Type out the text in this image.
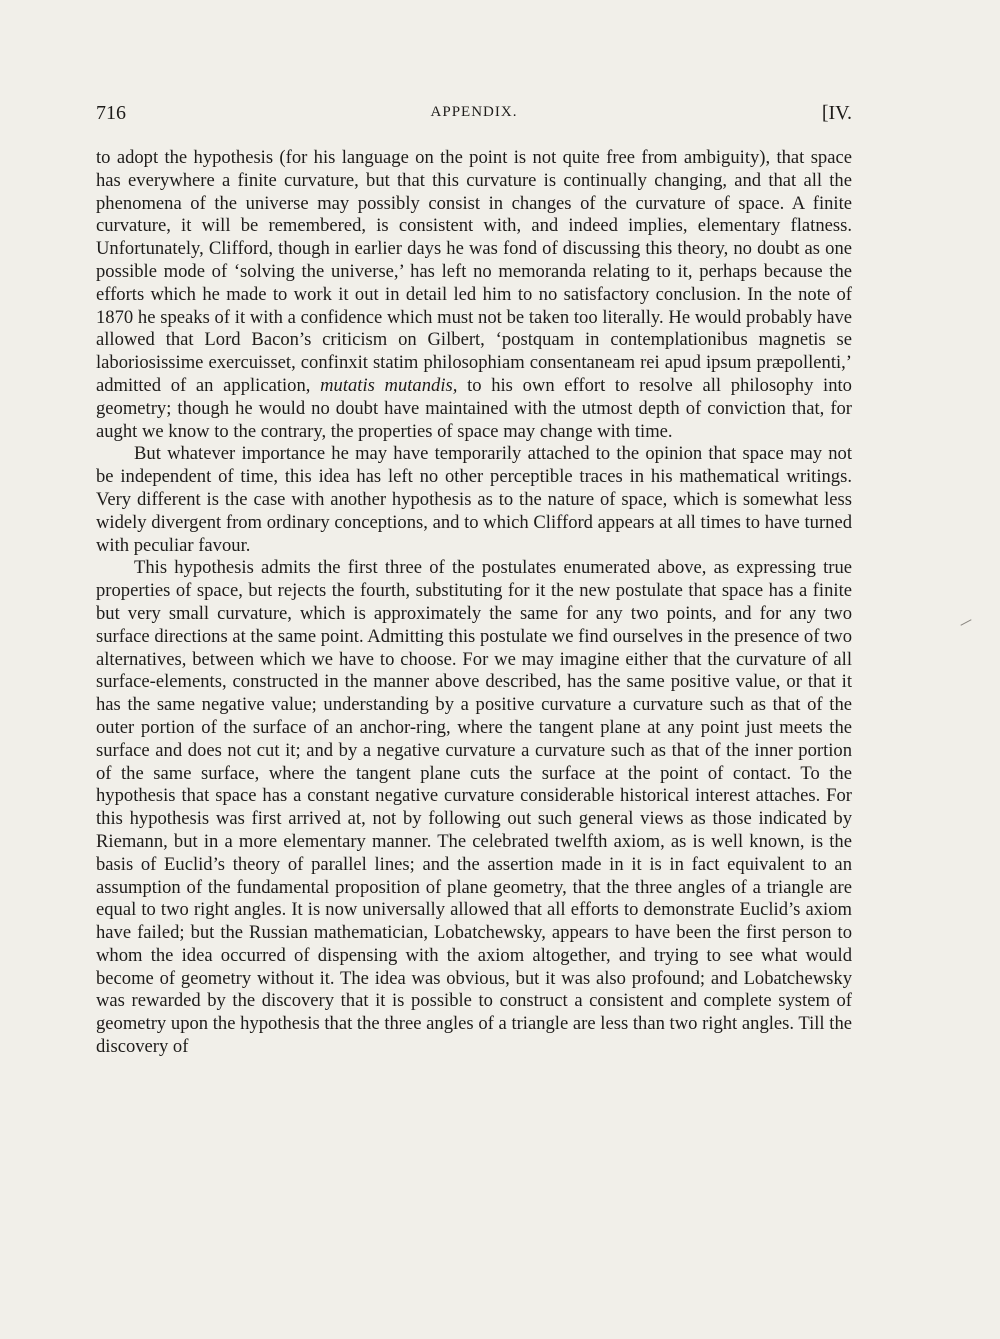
716	APPENDIX.	[IV.

to adopt the hypothesis (for his language on the point is not quite free from ambiguity), that space has everywhere a finite curvature, but that this curvature is continually changing, and that all the phenomena of the universe may possibly consist in changes of the curvature of space. A finite curvature, it will be remembered, is consistent with, and indeed implies, elementary flatness. Unfortunately, Clifford, though in earlier days he was fond of discussing this theory, no doubt as one possible mode of ‘solving the universe,’ has left no memoranda relating to it, perhaps because the efforts which he made to work it out in detail led him to no satisfactory conclusion. In the note of 1870 he speaks of it with a confidence which must not be taken too literally. He would probably have allowed that Lord Bacon’s criticism on Gilbert, ‘postquam in contemplationibus magnetis se laboriosissime exercuisset, confinxit statim philosophiam consentaneam rei apud ipsum præpollenti,’ admitted of an application, mutatis mutandis, to his own effort to resolve all philosophy into geometry; though he would no doubt have maintained with the utmost depth of conviction that, for aught we know to the contrary, the properties of space may change with time.

But whatever importance he may have temporarily attached to the opinion that space may not be independent of time, this idea has left no other perceptible traces in his mathematical writings. Very different is the case with another hypothesis as to the nature of space, which is somewhat less widely divergent from ordinary conceptions, and to which Clifford appears at all times to have turned with peculiar favour.

This hypothesis admits the first three of the postulates enumerated above, as expressing true properties of space, but rejects the fourth, substituting for it the new postulate that space has a finite but very small curvature, which is approximately the same for any two points, and for any two surface directions at the same point. Admitting this postulate we find ourselves in the presence of two alternatives, between which we have to choose. For we may imagine either that the curvature of all surface-elements, constructed in the manner above described, has the same positive value, or that it has the same negative value; understanding by a positive curvature a curvature such as that of the outer portion of the surface of an anchor-ring, where the tangent plane at any point just meets the surface and does not cut it; and by a negative curvature a curvature such as that of the inner portion of the same surface, where the tangent plane cuts the surface at the point of contact. To the hypothesis that space has a constant negative curvature considerable historical interest attaches. For this hypothesis was first arrived at, not by following out such general views as those indicated by Riemann, but in a more elementary manner. The celebrated twelfth axiom, as is well known, is the basis of Euclid’s theory of parallel lines; and the assertion made in it is in fact equivalent to an assumption of the fundamental proposition of plane geometry, that the three angles of a triangle are equal to two right angles. It is now universally allowed that all efforts to demonstrate Euclid’s axiom have failed; but the Russian mathematician, Lobatchewsky, appears to have been the first person to whom the idea occurred of dispensing with the axiom altogether, and trying to see what would become of geometry without it. The idea was obvious, but it was also profound; and Lobatchewsky was rewarded by the discovery that it is possible to construct a consistent and complete system of geometry upon the hypothesis that the three angles of a triangle are less than two right angles. Till the discovery of
